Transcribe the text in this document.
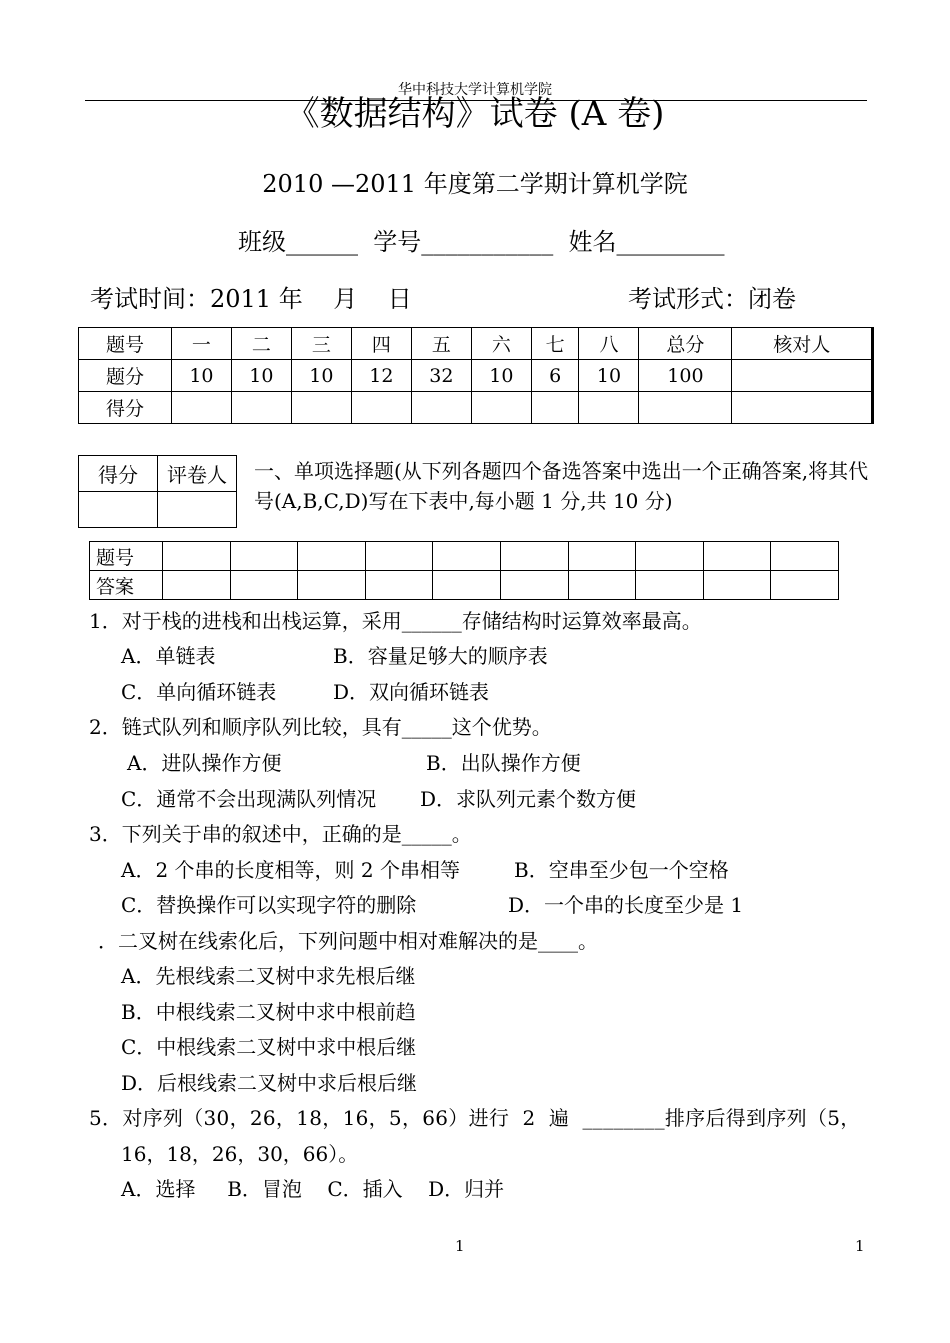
华中科技大学计算机学院
《数据结构》试卷 (A 卷)
2010 —2011 年度第二学期计算机学院
班级______  学号___________  姓名_________
考试时间：2011 年    月    日	考试形式：闭卷
题号	一	二	三	四	五	六	七	八	总分	核对人
题分	10	10	10	12	32	10	6	10	100	
得分										
得分	评卷人
	一、单项选择题(从下列各题四个备选答案中选出一个正确答案,将其代号(A,B,C,D)写在下表中,每小题 1 分,共 10 分)
题号										
答案										
1．对于栈的进栈和出栈运算，采用______存储结构时运算效率最高。
A．单链表	B．容量足够大的顺序表
C．单向循环链表	D．双向循环链表
2．链式队列和顺序队列比较，具有_____这个优势。
A．进队操作方便	B．出队操作方便
C．通常不会出现满队列情况 D．求队列元素个数方便
3．下列关于串的叙述中，正确的是_____。
A．2 个串的长度相等，则 2 个串相等	B．空串至少包一个空格
C．替换操作可以实现字符的删除	D．一个串的长度至少是 1
．二叉树在线索化后，下列问题中相对难解决的是____。
A．先根线索二叉树中求先根后继
B．中根线索二叉树中求中根前趋
C．中根线索二叉树中求中根后继
D．后根线索二叉树中求后根后继
5．对序列（30，26，18，16，5，66）进行  2  遍  ________排序后得到序列（5，
16，18，26，30，66）。
A．选择     B．冒泡    C．插入    D．归并
1	1
